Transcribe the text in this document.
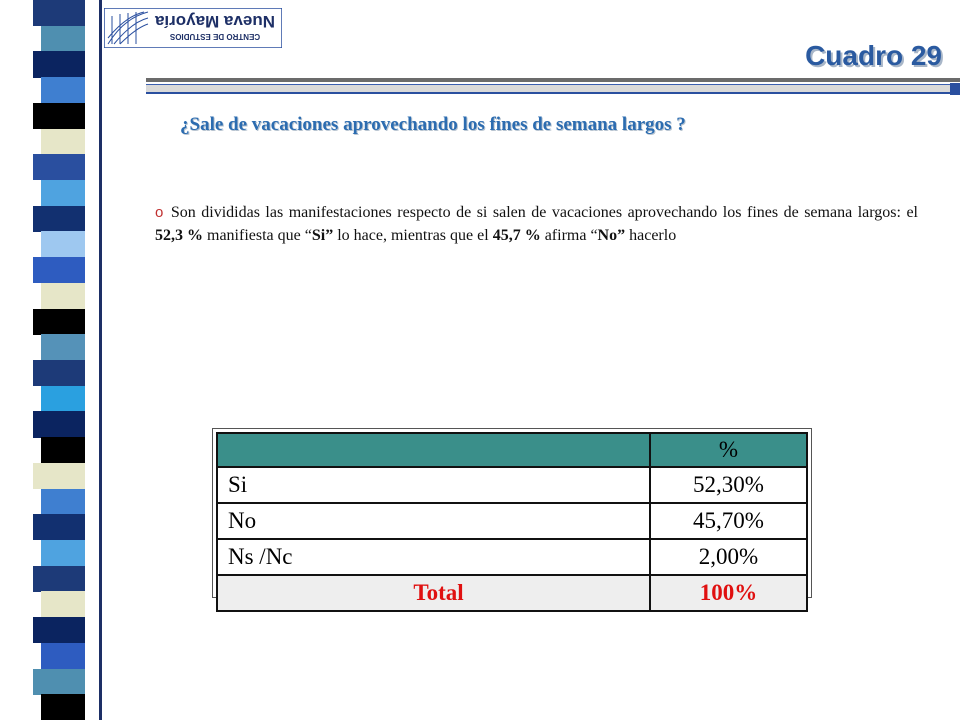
CENTRO DE ESTUDIOS
Nueva Mayoría
Cuadro 29
¿Sale de vacaciones aprovechando los fines de semana largos ?
o Son divididas las manifestaciones respecto de si salen de vacaciones aprovechando los fines de semana largos: el 52,3 % manifiesta que “Si” lo hace, mientras que el 45,7 % afirma “No” hacerlo
	%
Si	52,30%
No	45,70%
Ns /Nc	2,00%
Total	100%
